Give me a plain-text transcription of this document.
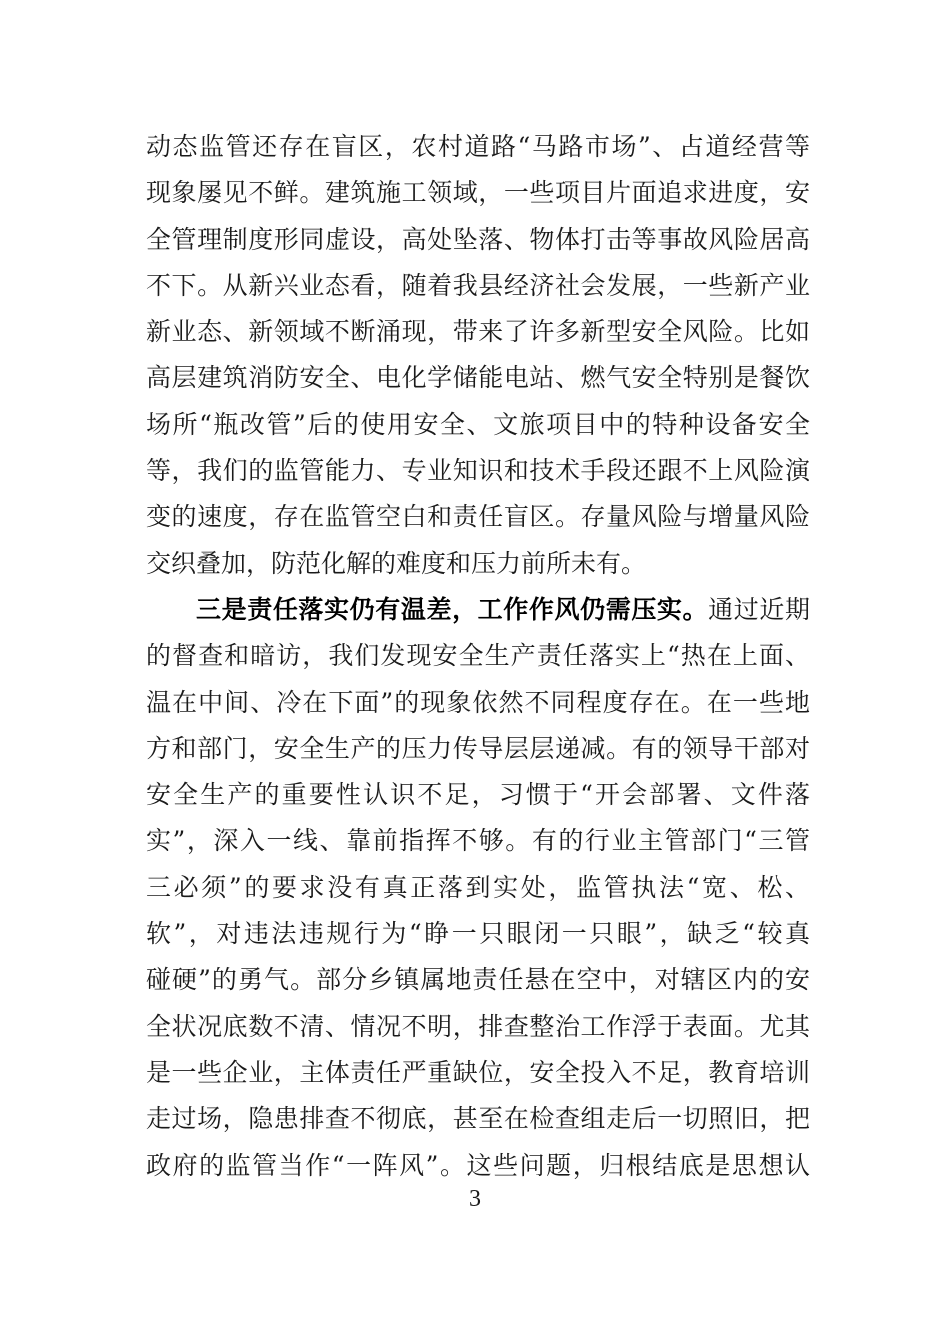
动态监管还存在盲区，农村道路“马路市场”、占道经营等
现象屡见不鲜。建筑施工领域，一些项目片面追求进度，安
全管理制度形同虚设，高处坠落、物体打击等事故风险居高
不下。从新兴业态看，随着我县经济社会发展，一些新产业
新业态、新领域不断涌现，带来了许多新型安全风险。比如
高层建筑消防安全、电化学储能电站、燃气安全特别是餐饮
场所“瓶改管”后的使用安全、文旅项目中的特种设备安全
等，我们的监管能力、专业知识和技术手段还跟不上风险演
变的速度，存在监管空白和责任盲区。存量风险与增量风险
交织叠加，防范化解的难度和压力前所未有。
三是责任落实仍有温差，工作作风仍需压实。通过近期
的督查和暗访，我们发现安全生产责任落实上“热在上面、
温在中间、冷在下面”的现象依然不同程度存在。在一些地
方和部门，安全生产的压力传导层层递减。有的领导干部对
安全生产的重要性认识不足，习惯于“开会部署、文件落
实”，深入一线、靠前指挥不够。有的行业主管部门“三管
三必须”的要求没有真正落到实处，监管执法“宽、松、
软”，对违法违规行为“睁一只眼闭一只眼”，缺乏“较真
碰硬”的勇气。部分乡镇属地责任悬在空中，对辖区内的安
全状况底数不清、情况不明，排查整治工作浮于表面。尤其
是一些企业，主体责任严重缺位，安全投入不足，教育培训
走过场，隐患排查不彻底，甚至在检查组走后一切照旧，把
政府的监管当作“一阵风”。这些问题，归根结底是思想认
3
